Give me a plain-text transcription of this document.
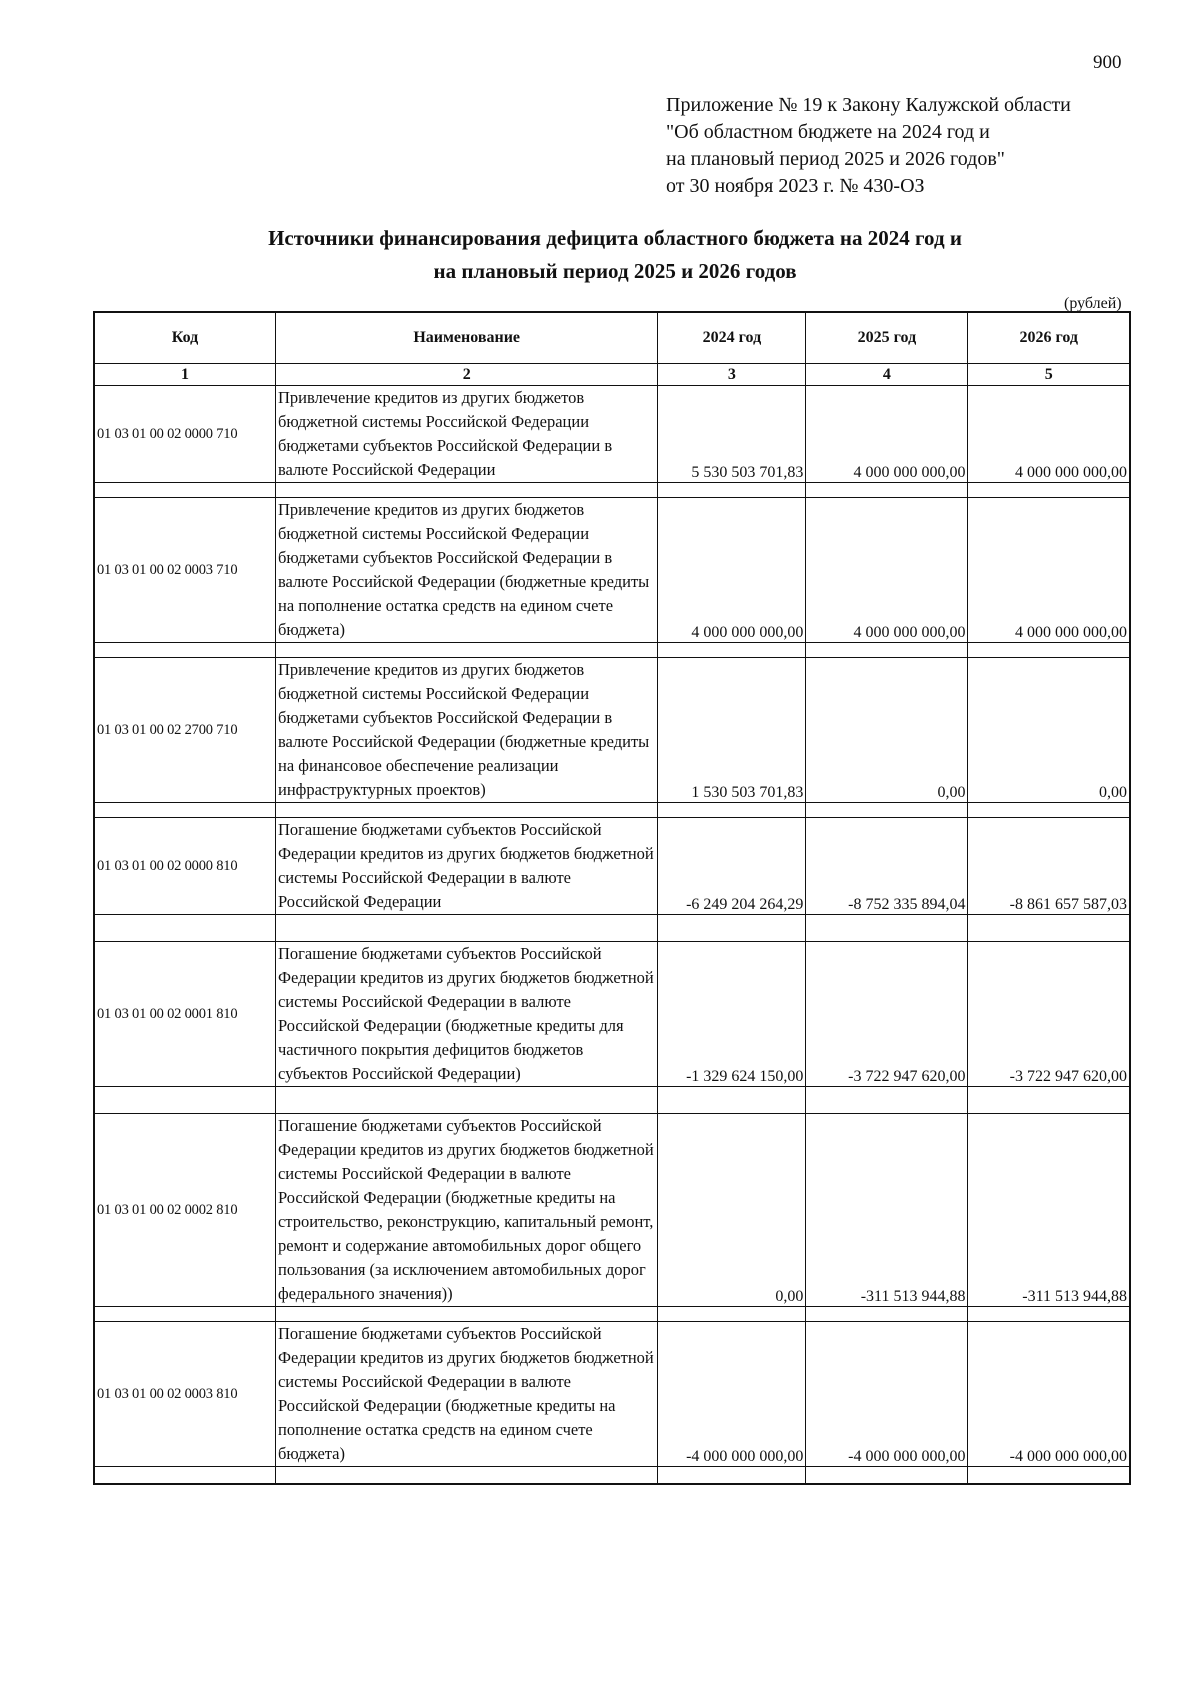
900
Приложение № 19 к Закону Калужской области
"Об областном бюджете на 2024 год и
на плановый период 2025 и 2026 годов"
от 30 ноября 2023 г. № 430-ОЗ
Источники финансирования дефицита областного бюджета на 2024 год и
на плановый период 2025 и 2026 годов
(рублей)
Код	Наименование	2024 год	2025 год	2026 год
1	2	3	4	5
01 03 01 00 02 0000 710	Привлечение кредитов из других бюджетов бюджетной системы Российской Федерации бюджетами субъектов Российской Федерации в валюте Российской Федерации	5 530 503 701,83	4 000 000 000,00	4 000 000 000,00

01 03 01 00 02 0003 710	Привлечение кредитов из других бюджетов бюджетной системы Российской Федерации бюджетами субъектов Российской Федерации в валюте Российской Федерации (бюджетные кредиты на пополнение остатка средств на едином счете бюджета)	4 000 000 000,00	4 000 000 000,00	4 000 000 000,00

01 03 01 00 02 2700 710	Привлечение кредитов из других бюджетов бюджетной системы Российской Федерации бюджетами субъектов Российской Федерации в валюте Российской Федерации (бюджетные кредиты на финансовое обеспечение реализации инфраструктурных проектов)	1 530 503 701,83	0,00	0,00

01 03 01 00 02 0000 810	Погашение бюджетами субъектов Российской Федерации кредитов из других бюджетов бюджетной системы Российской Федерации в валюте Российской Федерации	-6 249 204 264,29	-8 752 335 894,04	-8 861 657 587,03

01 03 01 00 02 0001 810	Погашение бюджетами субъектов Российской Федерации кредитов из других бюджетов бюджетной системы Российской Федерации в валюте Российской Федерации (бюджетные кредиты для частичного покрытия дефицитов бюджетов субъектов Российской Федерации)	-1 329 624 150,00	-3 722 947 620,00	-3 722 947 620,00

01 03 01 00 02 0002 810	Погашение бюджетами субъектов Российской Федерации кредитов из других бюджетов бюджетной системы Российской Федерации в валюте Российской Федерации (бюджетные кредиты на строительство, реконструкцию, капитальный ремонт, ремонт и содержание автомобильных дорог общего пользования (за исключением автомобильных дорог федерального значения))	0,00	-311 513 944,88	-311 513 944,88

01 03 01 00 02 0003 810	Погашение бюджетами субъектов Российской Федерации кредитов из других бюджетов бюджетной системы Российской Федерации в валюте Российской Федерации (бюджетные кредиты на пополнение остатка средств на едином счете бюджета)	-4 000 000 000,00	-4 000 000 000,00	-4 000 000 000,00
